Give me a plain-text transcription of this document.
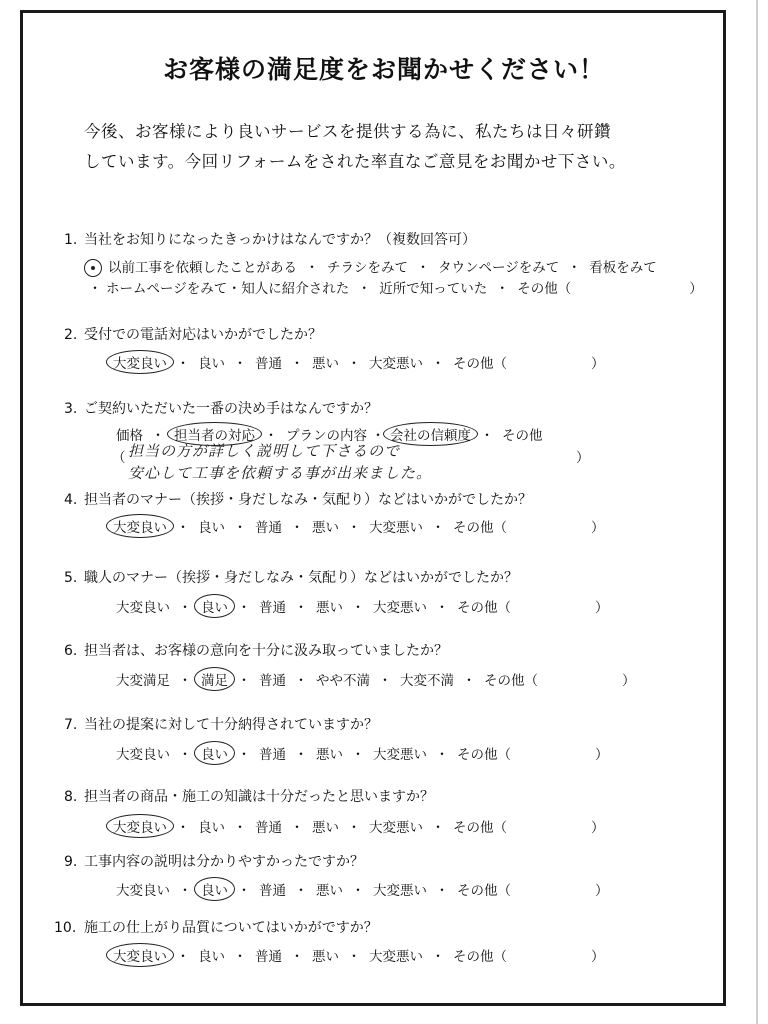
お客様の満足度をお聞かせください！
今後、お客様により良いサービスを提供する為に、私たちは日々研鑽
しています。今回リフォームをされた率直なご意見をお聞かせ下さい。
1. 当社をお知りになったきっかけはなんですか？（複数回答可）
以前工事を依頼したことがある ・ チラシをみて ・ タウンページをみて ・ 看板をみて
・ ホームページをみて・知人に紹介された ・ 近所で知っていた ・ その他（	）
2. 受付での電話対応はいかがでしたか？
大変良い ・ 良い ・ 普通 ・ 悪い ・ 大変悪い ・ その他（	）
3. ご契約いただいた一番の決め手はなんですか？
価格 ・ 担当者の対応 ・ プランの内容 ・ 会社の信頼度 ・ その他
（ 担当の方が詳しく説明して下さるので	）
安心して工事を依頼する事が出来ました。
4. 担当者のマナー（挨拶・身だしなみ・気配り）などはいかがでしたか？
大変良い ・ 良い ・ 普通 ・ 悪い ・ 大変悪い ・ その他（	）
5. 職人のマナー（挨拶・身だしなみ・気配り）などはいかがでしたか？
大変良い ・ 良い ・ 普通 ・ 悪い ・ 大変悪い ・ その他（	）
6. 担当者は、お客様の意向を十分に汲み取っていましたか？
大変満足 ・ 満足 ・ 普通 ・ やや不満 ・ 大変不満 ・ その他（	）
7. 当社の提案に対して十分納得されていますか？
大変良い ・ 良い ・ 普通 ・ 悪い ・ 大変悪い ・ その他（	）
8. 担当者の商品・施工の知識は十分だったと思いますか？
大変良い ・ 良い ・ 普通 ・ 悪い ・ 大変悪い ・ その他（	）
9. 工事内容の説明は分かりやすかったですか？
大変良い ・ 良い ・ 普通 ・ 悪い ・ 大変悪い ・ その他（	）
10. 施工の仕上がり品質についてはいかがですか？
大変良い ・ 良い ・ 普通 ・ 悪い ・ 大変悪い ・ その他（	）
